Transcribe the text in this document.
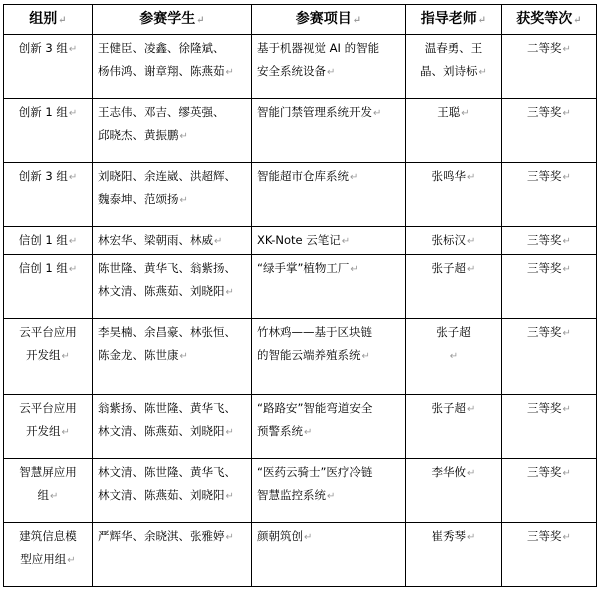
组别↵	参赛学生↵	参赛项目↵	指导老师↵	获奖等次↵

创新 3 组↵	王健臣、凌鑫、徐隆斌、
杨伟鸿、谢章翔、陈燕茹↵	基于机器视觉 AI 的智能
安全系统设备↵	温春勇、王
晶、刘诗标↵	二等奖↵

创新 1 组↵	王志伟、邓吉、缪英强、
邱晓杰、黄振鹏↵	智能门禁管理系统开发↵	王聪↵	三等奖↵

创新 3 组↵	刘晓阳、余连崴、洪超辉、
魏泰坤、范颂扬↵	智能超市仓库系统↵	张鸣华↵	三等奖↵

信创 1 组↵	林宏华、梁朝雨、林威↵	XK-Note 云笔记↵	张标汉↵	三等奖↵

信创 1 组↵	陈世隆、黄华飞、翁紫扬、
林文清、陈燕茹、刘晓阳↵	“绿手掌”植物工厂↵	张子超↵	三等奖↵

云平台应用
开发组↵	李昊楠、余昌豪、林张恒、
陈金龙、陈世康↵	竹林鸡——基于区块链
的智能云端养殖系统↵	张子超
↵	三等奖↵

云平台应用
开发组↵	翁紫扬、陈世隆、黄华飞、
林文清、陈燕茹、刘晓阳↵	“路路安”智能弯道安全
预警系统↵	张子超↵	三等奖↵

智慧屏应用
组↵	林文清、陈世隆、黄华飞、
林文清、陈燕茹、刘晓阳↵	“医药云骑士”医疗冷链
智慧监控系统↵	李华攸↵	三等奖↵

建筑信息模
型应用组↵	严辉华、余晓淇、张雅婷↵	颜朝筑创↵	崔秀琴↵	三等奖↵
